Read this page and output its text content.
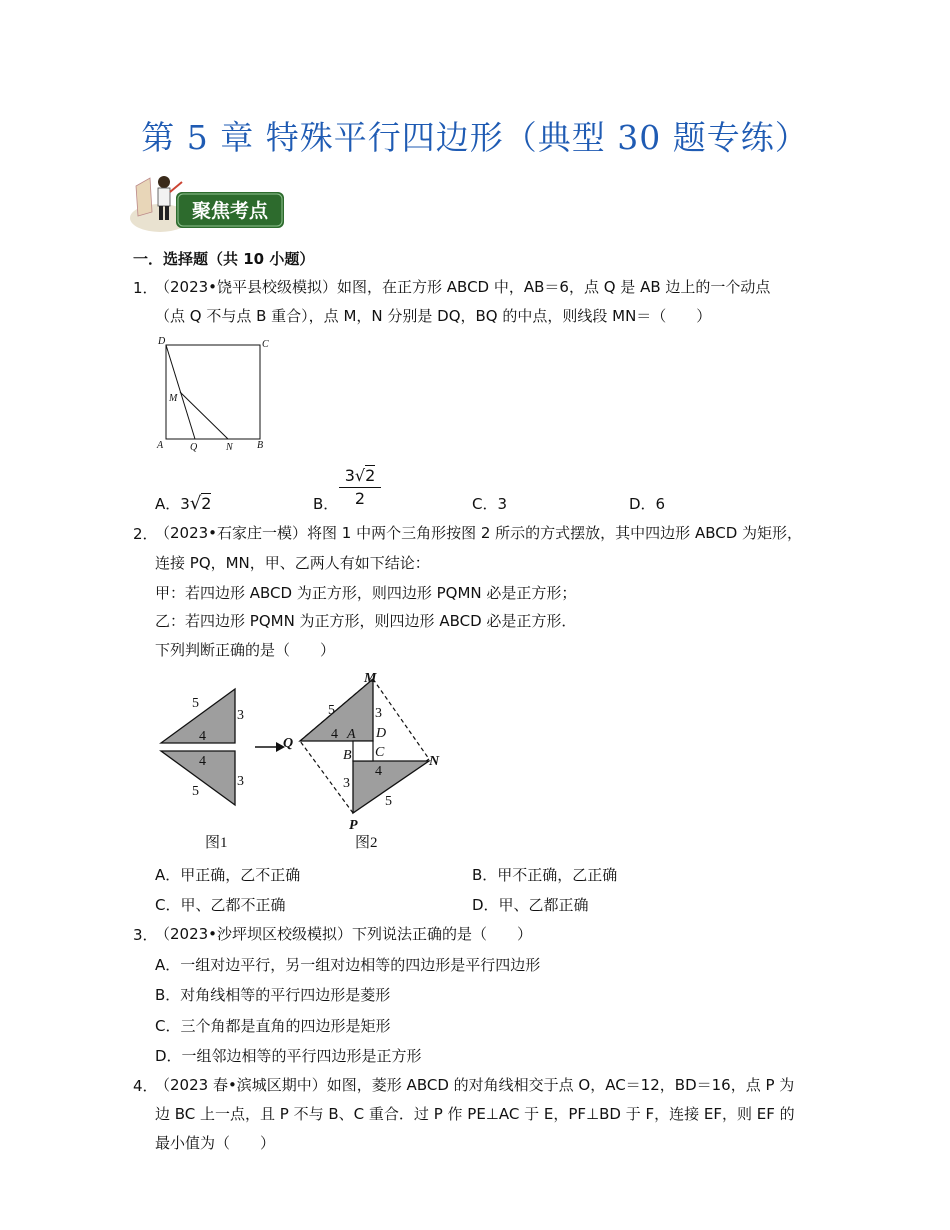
第 5 章 特殊平行四边形（典型 30 题专练）
聚焦考点
一．选择题（共 10 小题）
1．
（2023•饶平县校级模拟）如图，在正方形 ABCD 中，AB＝6，点 Q 是 AB 边上的一个动点
（点 Q 不与点 B 重合），点 M，N 分别是 DQ，BQ 的中点，则线段 MN＝（　　）
D	C
M
A	Q	N B
A．3√2	B．
3√2
2	C．3	D．6
2．
（2023•石家庄一模）将图 1 中两个三角形按图 2 所示的方式摆放，其中四边形 ABCD 为矩形，
连接 PQ，MN，甲、乙两人有如下结论：
甲：若四边形 ABCD 为正方形，则四边形 PQMN 必是正方形；
乙：若四边形 PQMN 为正方形，则四边形 ABCD 必是正方形．
下列判断正确的是（　　）
5
3
4
4
3
5
图1
M
5	3
Q
4 A D
B C
N
4
3
5
P
图2
A．甲正确，乙不正确	B．甲不正确，乙正确
C．甲、乙都不正确	D．甲、乙都正确
3．
（2023•沙坪坝区校级模拟）下列说法正确的是（　　）
A．一组对边平行，另一组对边相等的四边形是平行四边形
B．对角线相等的平行四边形是菱形
C．三个角都是直角的四边形是矩形
D．一组邻边相等的平行四边形是正方形
4．
（2023 春•滨城区期中）如图，菱形 ABCD 的对角线相交于点 O，AC＝12，BD＝16，点 P 为
边 BC 上一点，且 P 不与 B、C 重合．过 P 作 PE⊥AC 于 E，PF⊥BD 于 F，连接 EF，则 EF 的
最小值为（　　）
